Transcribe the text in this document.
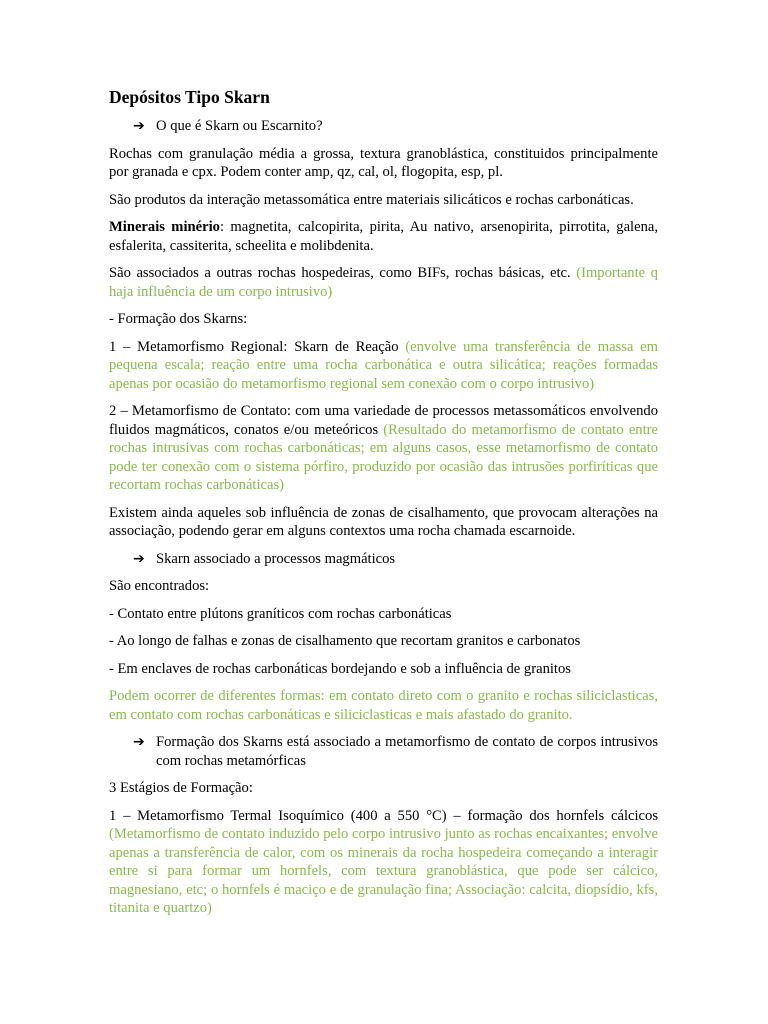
Depósitos Tipo Skarn
➔ O que é Skarn ou Escarnito?

Rochas com granulação média a grossa, textura granoblástica, constituidos principalmente por granada e cpx. Podem conter amp, qz, cal, ol, flogopita, esp, pl.

São produtos da interação metassomática entre materiais silicáticos e rochas carbonáticas.

Minerais minério: magnetita, calcopirita, pirita, Au nativo, arsenopirita, pirrotita, galena, esfalerita, cassiterita, scheelita e molibdenita.

São associados a outras rochas hospedeiras, como BIFs, rochas básicas, etc. (Importante q haja influência de um corpo intrusivo)

- Formação dos Skarns:

1 – Metamorfismo Regional: Skarn de Reação (envolve uma transferência de massa em pequena escala; reação entre uma rocha carbonática e outra silicática; reações formadas apenas por ocasião do metamorfismo regional sem conexão com o corpo intrusivo)

2 – Metamorfismo de Contato: com uma variedade de processos metassomáticos envolvendo fluidos magmáticos, conatos e/ou meteóricos (Resultado do metamorfismo de contato entre rochas intrusivas com rochas carbonáticas; em alguns casos, esse metamorfismo de contato pode ter conexão com o sistema pórfiro, produzido por ocasião das intrusões porfiríticas que recortam rochas carbonáticas)

Existem ainda aqueles sob influência de zonas de cisalhamento, que provocam alterações na associação, podendo gerar em alguns contextos uma rocha chamada escarnoide.

➔ Skarn associado a processos magmáticos

São encontrados:

- Contato entre plútons graníticos com rochas carbonáticas

- Ao longo de falhas e zonas de cisalhamento que recortam granitos e carbonatos

- Em enclaves de rochas carbonáticas bordejando e sob a influência de granitos

Podem ocorrer de diferentes formas: em contato direto com o granito e rochas siliciclasticas, em contato com rochas carbonáticas e siliciclasticas e mais afastado do granito.

➔ Formação dos Skarns está associado a metamorfismo de contato de corpos intrusivos com rochas metamórficas

3 Estágios de Formação:

1 – Metamorfismo Termal Isoquímico (400 a 550 °C) – formação dos hornfels cálcicos (Metamorfismo de contato induzido pelo corpo intrusivo junto as rochas encaixantes; envolve apenas a transferência de calor, com os minerais da rocha hospedeira começando a interagir entre si para formar um hornfels, com textura granoblástica, que pode ser cálcico, magnesiano, etc; o hornfels é maciço e de granulação fina; Associação: calcita, diopsídio, kfs, titanita e quartzo)
